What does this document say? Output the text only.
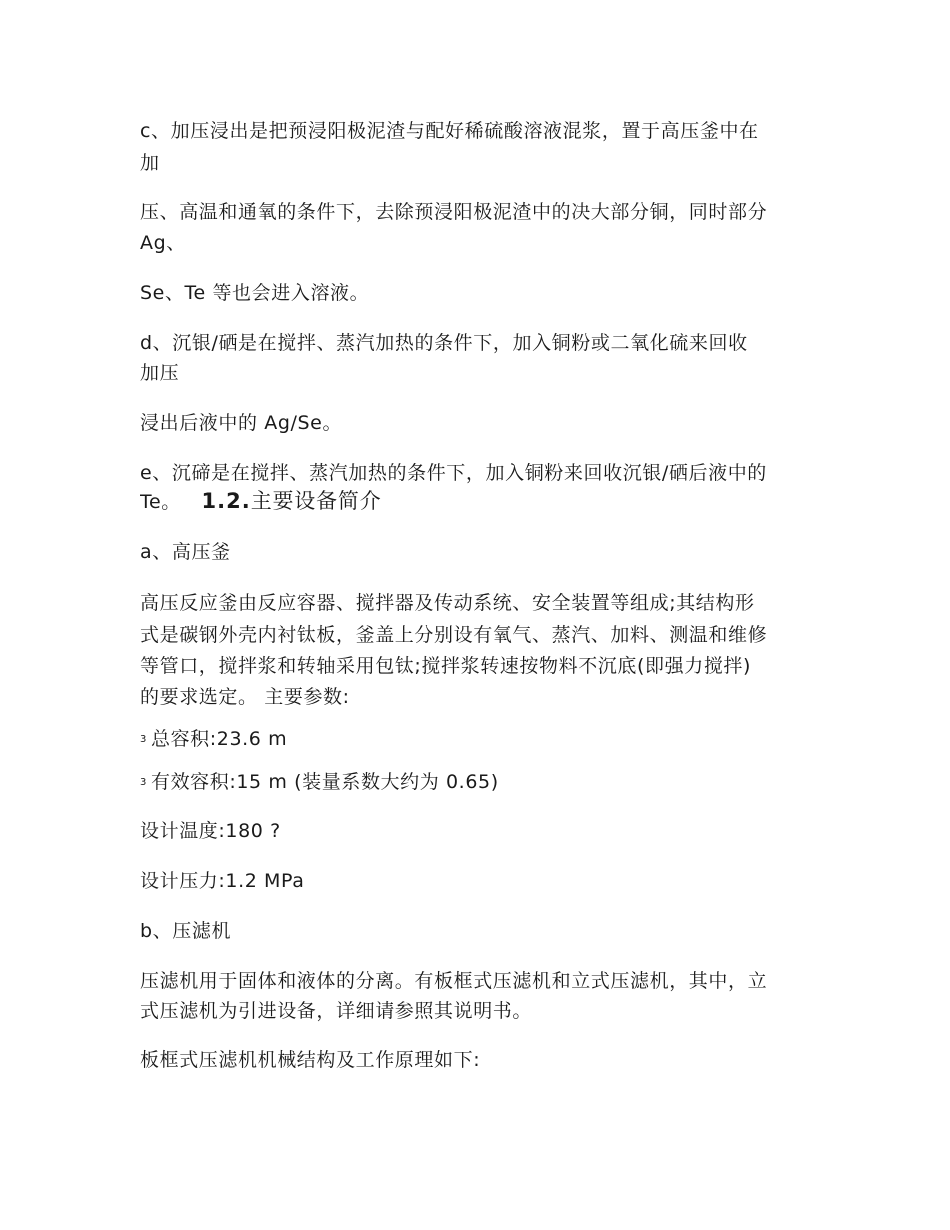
c、加压浸出是把预浸阳极泥渣与配好稀硫酸溶液混浆，置于高压釜中在
加
压、高温和通氧的条件下，去除预浸阳极泥渣中的决大部分铜，同时部分
Ag、
Se、Te 等也会进入溶液。
d、沉银/硒是在搅拌、蒸汽加热的条件下，加入铜粉或二氧化硫来回收
加压
浸出后液中的 Ag/Se。
e、沉碲是在搅拌、蒸汽加热的条件下，加入铜粉来回收沉银/硒后液中的
Te。 1.2.主要设备简介
a、高压釜
高压反应釜由反应容器、搅拌器及传动系统、安全装置等组成;其结构形
式是碳钢外壳内衬钛板，釜盖上分别设有氧气、蒸汽、加料、测温和维修
等管口，搅拌浆和转轴采用包钛;搅拌浆转速按物料不沉底(即强力搅拌)
的要求选定。 主要参数:
3 总容积:23.6 m
3 有效容积:15 m (装量系数大约为 0.65)
设计温度:180 ?
设计压力:1.2 MPa
b、压滤机
压滤机用于固体和液体的分离。有板框式压滤机和立式压滤机，其中，立
式压滤机为引进设备，详细请参照其说明书。
板框式压滤机机械结构及工作原理如下:
